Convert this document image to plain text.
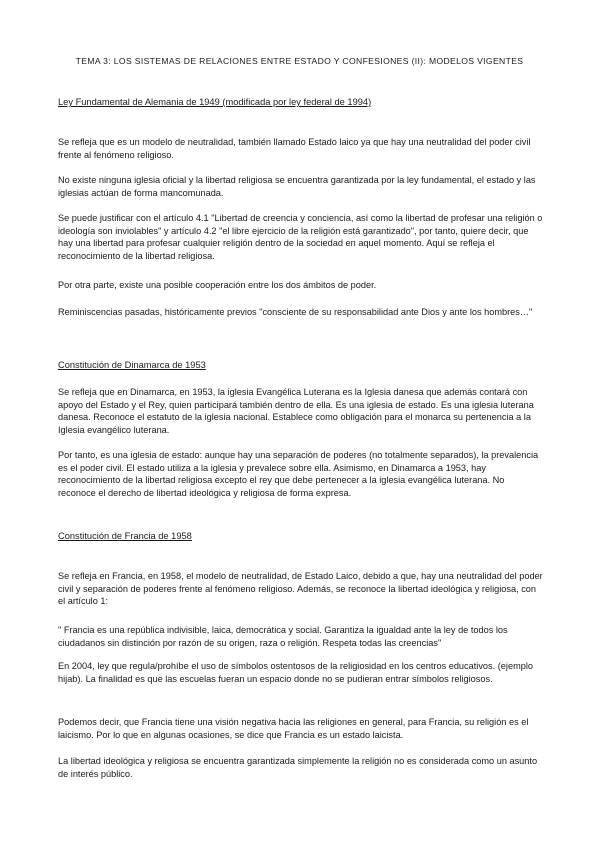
TEMA 3: LOS SISTEMAS DE RELACIONES ENTRE ESTADO Y CONFESIONES (II): MODELOS VIGENTES
Ley Fundamental de Alemania de 1949 (modificada por ley federal de 1994)
Se refleja que es un modelo de neutralidad, también llamado Estado laico ya que hay una neutralidad del poder civil frente al fenómeno religioso.
No existe ninguna iglesia oficial y la libertad religiosa se encuentra garantizada por la ley fundamental, el estado y las iglesias actúan de forma mancomunada.
Se puede justificar con el artículo 4.1 "Libertad de creencia y conciencia, así como la libertad de profesar una religión o ideología son inviolables" y artículo 4.2 "el libre ejercicio de la religión está garantizado", por tanto, quiere decir, que hay una libertad para profesar cualquier religión dentro de la sociedad en aquel momento. Aquí se refleja el reconocimiento de la libertad religiosa.
Por otra parte, existe una posible cooperación entre los dos ámbitos de poder.
Reminiscencias pasadas, históricamente previos "consciente de su responsabilidad ante Dios y ante los hombres…"
Constitución de Dinamarca de 1953
Se refleja que en Dinamarca, en 1953, la iglesia Evangélica Luterana es la Iglesia danesa que además contará con apoyo del Estado y el Rey, quien participará también dentro de ella. Es una iglesia de estado. Es una iglesia luterana danesa. Reconoce el estatuto de la iglesia nacional. Establece como obligación para el monarca su pertenencia a la Iglesia evangélico luterana.
Por tanto, es una iglesia de estado: aunque hay una separación de poderes (no totalmente separados), la prevalencia es el poder civil. El estado utiliza a la iglesia y prevalece sobre ella. Asimismo, en Dinamarca a 1953, hay reconocimiento de la libertad religiosa excepto el rey que debe pertenecer a la iglesia evangélica luterana. No reconoce el derecho de libertad ideológica y religiosa de forma expresa.
Constitución de Francia de 1958
Se refleja en Francia, en 1958, el modelo de neutralidad, de Estado Laico, debido a que, hay una neutralidad del poder civil y separación de poderes frente al fenómeno religioso. Además, se reconoce la libertad ideológica y religiosa, con el artículo 1:
" Francia es una república indivisible, laica, democrática y social. Garantiza la igualdad ante la ley de todos los ciudadanos sin distinción por razón de su origen, raza o religión. Respeta todas las creencias"
En 2004, ley que regula/prohíbe el uso de símbolos ostentosos de la religiosidad en los centros educativos. (ejemplo hijab). La finalidad es que las escuelas fueran un espacio donde no se pudieran entrar símbolos religiosos.
Podemos decir, que Francia tiene una visión negativa hacia las religiones en general, para Francia, su religión es el laicismo. Por lo que en algunas ocasiones, se dice que Francia es un estado laicista.
La libertad ideológica y religiosa se encuentra garantizada simplemente la religión no es considerada como un asunto de interés público.
